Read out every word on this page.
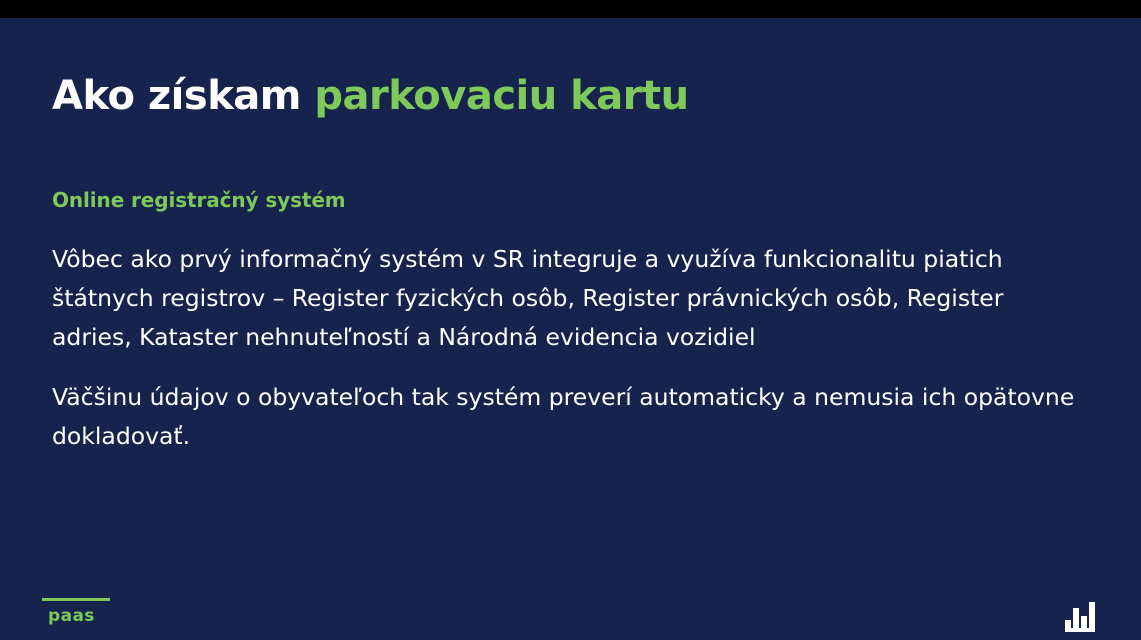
Ako získam parkovaciu kartu
Online registračný systém
Vôbec ako prvý informačný systém v SR integruje a využíva funkcionalitu piatich štátnych registrov – Register fyzických osôb, Register právnických osôb, Register adries, Kataster nehnuteľností a Národná evidencia vozidiel
Väčšinu údajov o obyvateľoch tak systém preverí automaticky a nemusia ich opätovne dokladovať.
paas
